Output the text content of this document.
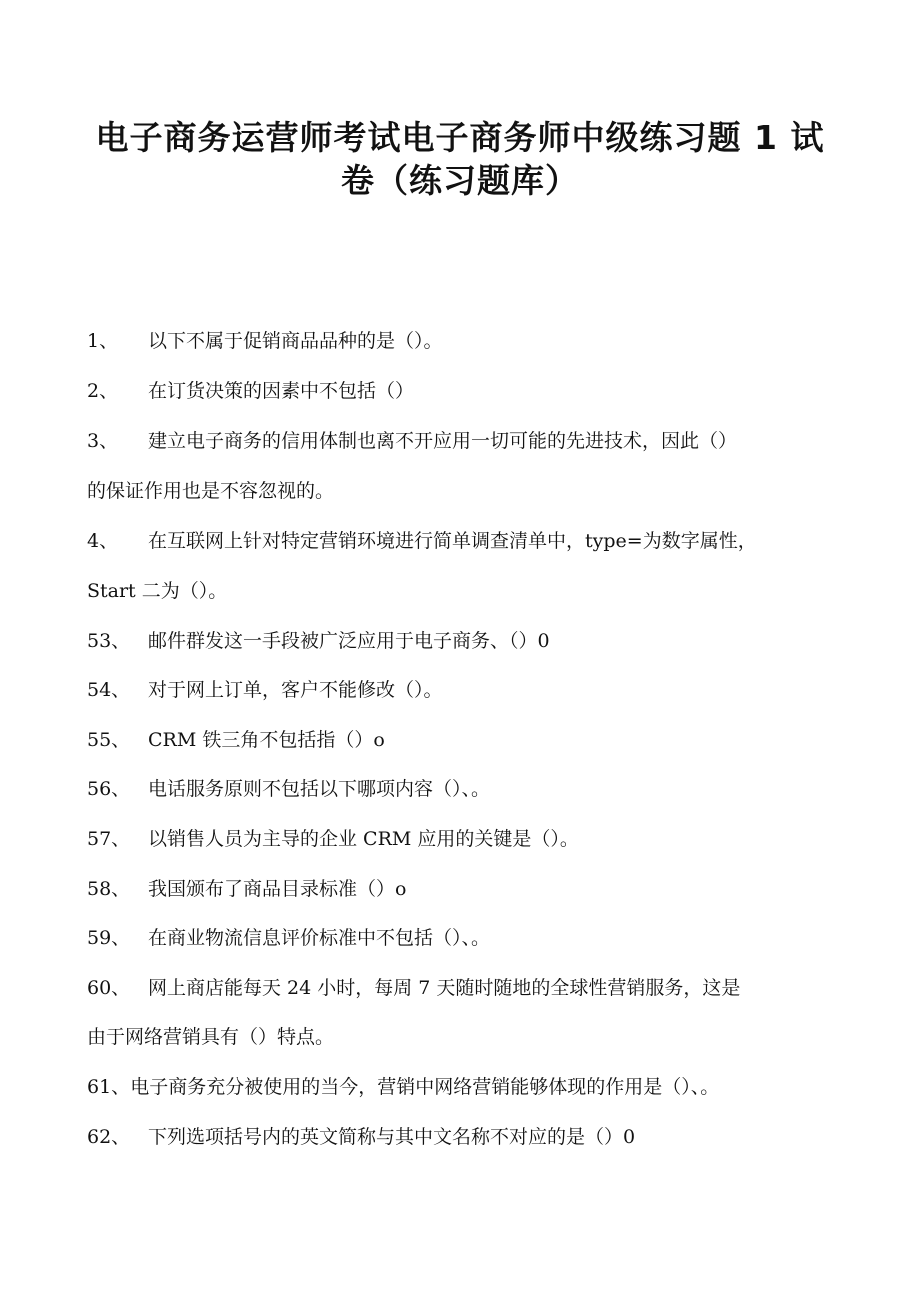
电子商务运营师考试电子商务师中级练习题 1 试
卷（练习题库）
1、 以下不属于促销商品品种的是（）。
2、 在订货决策的因素中不包括（）
3、 建立电子商务的信用体制也离不开应用一切可能的先进技术，因此（）
的保证作用也是不容忽视的。
4、 在互联网上针对特定营销环境进行简单调查清单中，type=为数字属性，
Start 二为（）。
53、 邮件群发这一手段被广泛应用于电子商务、（）0
54、 对于网上订单，客户不能修改（）。
55、 CRM 铁三角不包括指（）o
56、 电话服务原则不包括以下哪项内容（）、。
57、 以销售人员为主导的企业 CRM 应用的关键是（）。
58、 我国颁布了商品目录标准（）o
59、 在商业物流信息评价标准中不包括（）、。
60、 网上商店能每天 24 小时，每周 7 天随时随地的全球性营销服务，这是
由于网络营销具有（）特点。
61、电子商务充分被使用的当今，营销中网络营销能够体现的作用是（）、。
62、 下列选项括号内的英文简称与其中文名称不对应的是（）0
